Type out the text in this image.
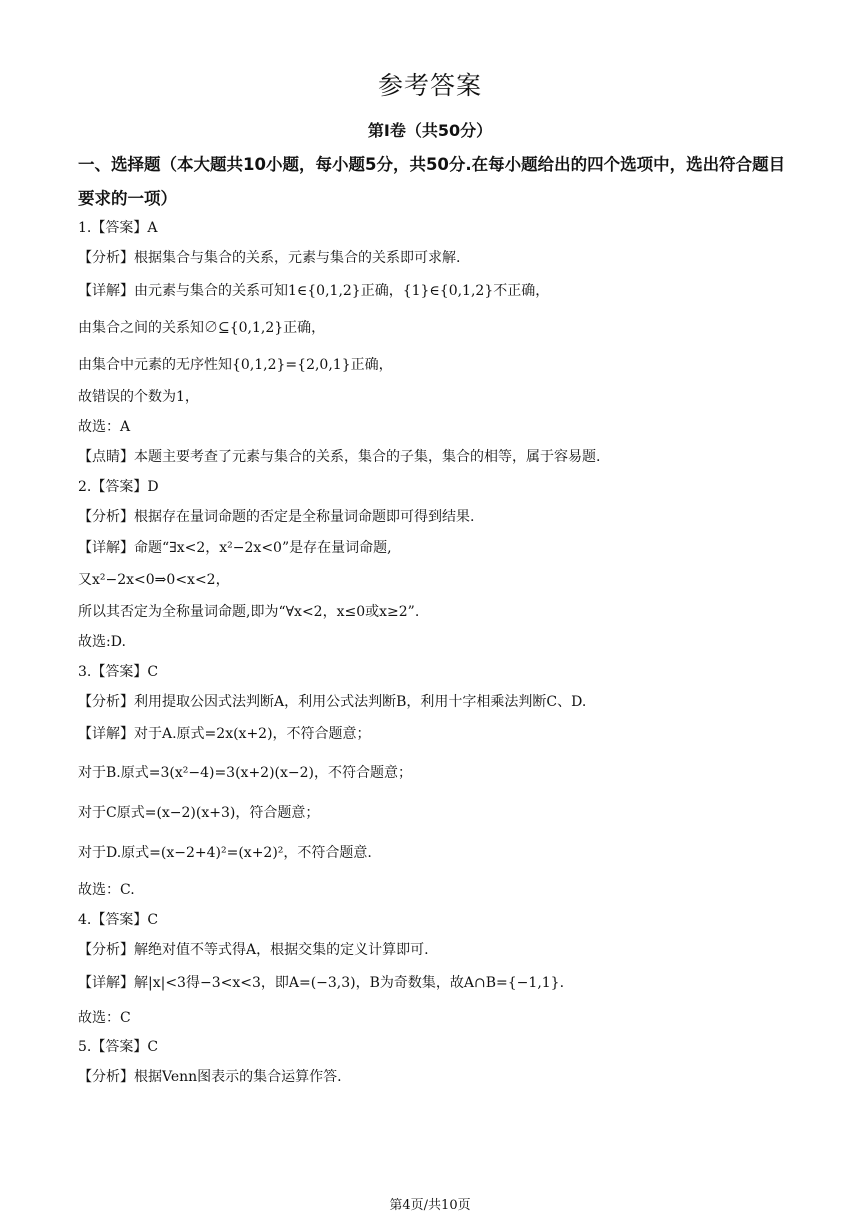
参考答案
第Ⅰ卷（共50分）
一、选择题（本大题共10小题，每小题5分，共50分.在每小题给出的四个选项中，选出符合题目要求的一项）
1.【答案】A
【分析】根据集合与集合的关系，元素与集合的关系即可求解.
【详解】由元素与集合的关系可知1∈{0,1,2}正确，{1}∈{0,1,2}不正确，
由集合之间的关系知∅⊆{0,1,2}正确，
由集合中元素的无序性知{0,1,2}={2,0,1}正确，
故错误的个数为1，
故选：A
【点睛】本题主要考查了元素与集合的关系，集合的子集，集合的相等，属于容易题.
2.【答案】D
【分析】根据存在量词命题的否定是全称量词命题即可得到结果.
【详解】命题“∃x<2，x²−2x<0”是存在量词命题,
又x²−2x<0⇒0<x<2，
所以其否定为全称量词命题,即为“∀x<2，x≤0或x≥2”.
故选:D.
3.【答案】C
【分析】利用提取公因式法判断A，利用公式法判断B，利用十字相乘法判断C、D.
【详解】对于A.原式=2x(x+2)，不符合题意；
对于B.原式=3(x²−4)=3(x+2)(x−2)，不符合题意；
对于C原式=(x−2)(x+3)，符合题意；
对于D.原式=(x−2+4)²=(x+2)²，不符合题意.
故选：C.
4.【答案】C
【分析】解绝对值不等式得A，根据交集的定义计算即可.
【详解】解|x|<3得−3<x<3，即A=(−3,3)，B为奇数集，故A∩B={−1,1}.
故选：C
5.【答案】C
【分析】根据Venn图表示的集合运算作答.
第4页/共10页
